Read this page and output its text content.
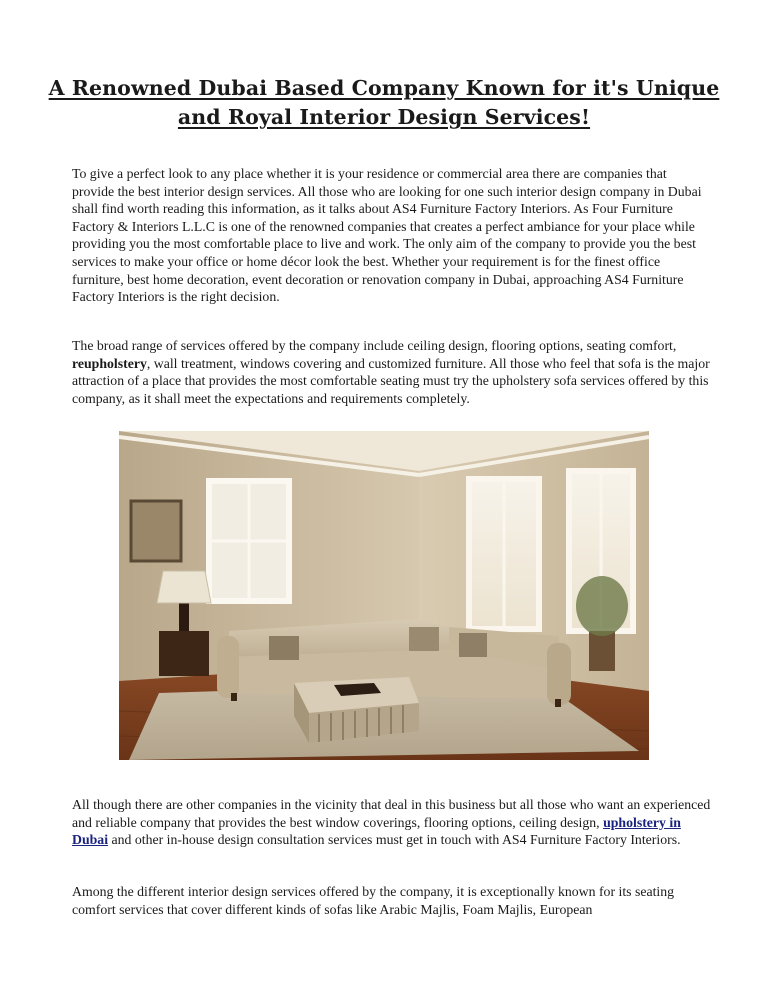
A Renowned Dubai Based Company Known for it's Unique and Royal Interior Design Services!

To give a perfect look to any place whether it is your residence or commercial area there are companies that provide the best interior design services. All those who are looking for one such interior design company in Dubai shall find worth reading this information, as it talks about AS4 Furniture Factory Interiors. As Four Furniture Factory & Interiors L.L.C is one of the renowned companies that creates a perfect ambiance for your place while providing you the most comfortable place to live and work. The only aim of the company to provide you the best services to make your office or home décor look the best. Whether your requirement is for the finest office furniture, best home decoration, event decoration or renovation company in Dubai, approaching AS4 Furniture Factory Interiors is the right decision.

The broad range of services offered by the company include ceiling design, flooring options, seating comfort, reupholstery, wall treatment, windows covering and customized furniture. All those who feel that sofa is the major attraction of a place that provides the most comfortable seating must try the upholstery sofa services offered by this company, as it shall meet the expectations and requirements completely.

All though there are other companies in the vicinity that deal in this business but all those who want an experienced and reliable company that provides the best window coverings, flooring options, ceiling design, upholstery in Dubai and other in-house design consultation services must get in touch with AS4 Furniture Factory Interiors.

Among the different interior design services offered by the company, it is exceptionally known for its seating comfort services that cover different kinds of sofas like Arabic Majlis, Foam Majlis, European
